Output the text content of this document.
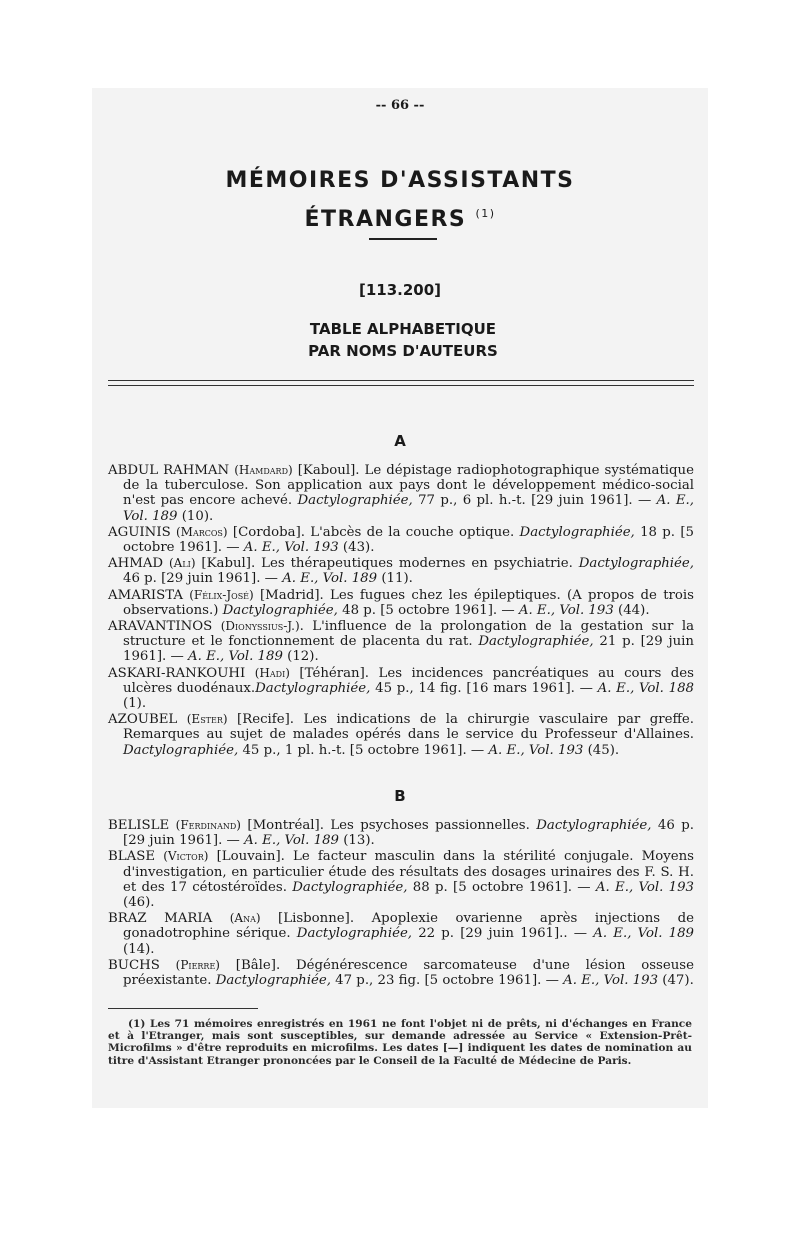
-- 66 --
MÉMOIRES D'ASSISTANTS
ÉTRANGERS $^{(1)}$
[113.200]
TABLE ALPHABETIQUE
PAR NOMS D'AUTEURS
A

ABDUL RAHMAN (Hamdard) [Kaboul]. Le dépistage radiophotographique systématique de la tuberculose. Son application aux pays dont le développement médico-social n'est pas encore achevé. Dactylographiée, 77 p., 6 pl. h.-t. [29 juin 1961]. — A. E., Vol. 189 (10).

AGUINIS (Marcos) [Cordoba]. L'abcès de la couche optique. Dactylographiée, 18 p. [5 octobre 1961]. — A. E., Vol. 193 (43).

AHMAD (Ali) [Kabul]. Les thérapeutiques modernes en psychiatrie. Dactylographiée, 46 p. [29 juin 1961]. — A. E., Vol. 189 (11).

AMARISTA (Félix-José) [Madrid]. Les fugues chez les épileptiques. (A propos de trois observations.) Dactylographiée, 48 p. [5 octobre 1961]. — A. E., Vol. 193 (44).

ARAVANTINOS (Dionyssius-J.). L'influence de la prolongation de la gestation sur la structure et le fonctionnement de placenta du rat. Dactylographiée, 21 p. [29 juin 1961]. — A. E., Vol. 189 (12).

ASKARI-RANKOUHI (Hadi) [Téhéran]. Les incidences pancréatiques au cours des ulcères duodénaux.Dactylographiée, 45 p., 14 fig. [16 mars 1961]. — A. E., Vol. 188 (1).

AZOUBEL (Ester) [Recife]. Les indications de la chirurgie vasculaire par greffe. Remarques au sujet de malades opérés dans le service du Professeur d'Allaines. Dactylographiée, 45 p., 1 pl. h.-t. [5 octobre 1961]. — A. E., Vol. 193 (45).

B

BELISLE (Ferdinand) [Montréal]. Les psychoses passionnelles. Dactylographiée, 46 p. [29 juin 1961]. — A. E., Vol. 189 (13).

BLASE (Victor) [Louvain]. Le facteur masculin dans la stérilité conjugale. Moyens d'investigation, en particulier étude des résultats des dosages urinaires des F. S. H. et des 17 cétostéroïdes. Dactylographiée, 88 p. [5 octobre 1961]. — A. E., Vol. 193 (46).

BRAZ MARIA (Ana) [Lisbonne]. Apoplexie ovarienne après injections de gonadotrophine sérique. Dactylographiée, 22 p. [29 juin 1961].. — A. E., Vol. 189 (14).

BUCHS (Pierre) [Bâle]. Dégénérescence sarcomateuse d'une lésion osseuse préexistante. Dactylographiée, 47 p., 23 fig. [5 octobre 1961]. — A. E., Vol. 193 (47).

(1) Les 71 mémoires enregistrés en 1961 ne font l'objet ni de prêts, ni d'échanges en France et à l'Etranger, mais sont susceptibles, sur demande adressée au Service « Extension-Prêt-Microfilms » d'être reproduits en microfilms. Les dates [—] indiquent les dates de nomination au titre d'Assistant Etranger prononcées par le Conseil de la Faculté de Médecine de Paris.
